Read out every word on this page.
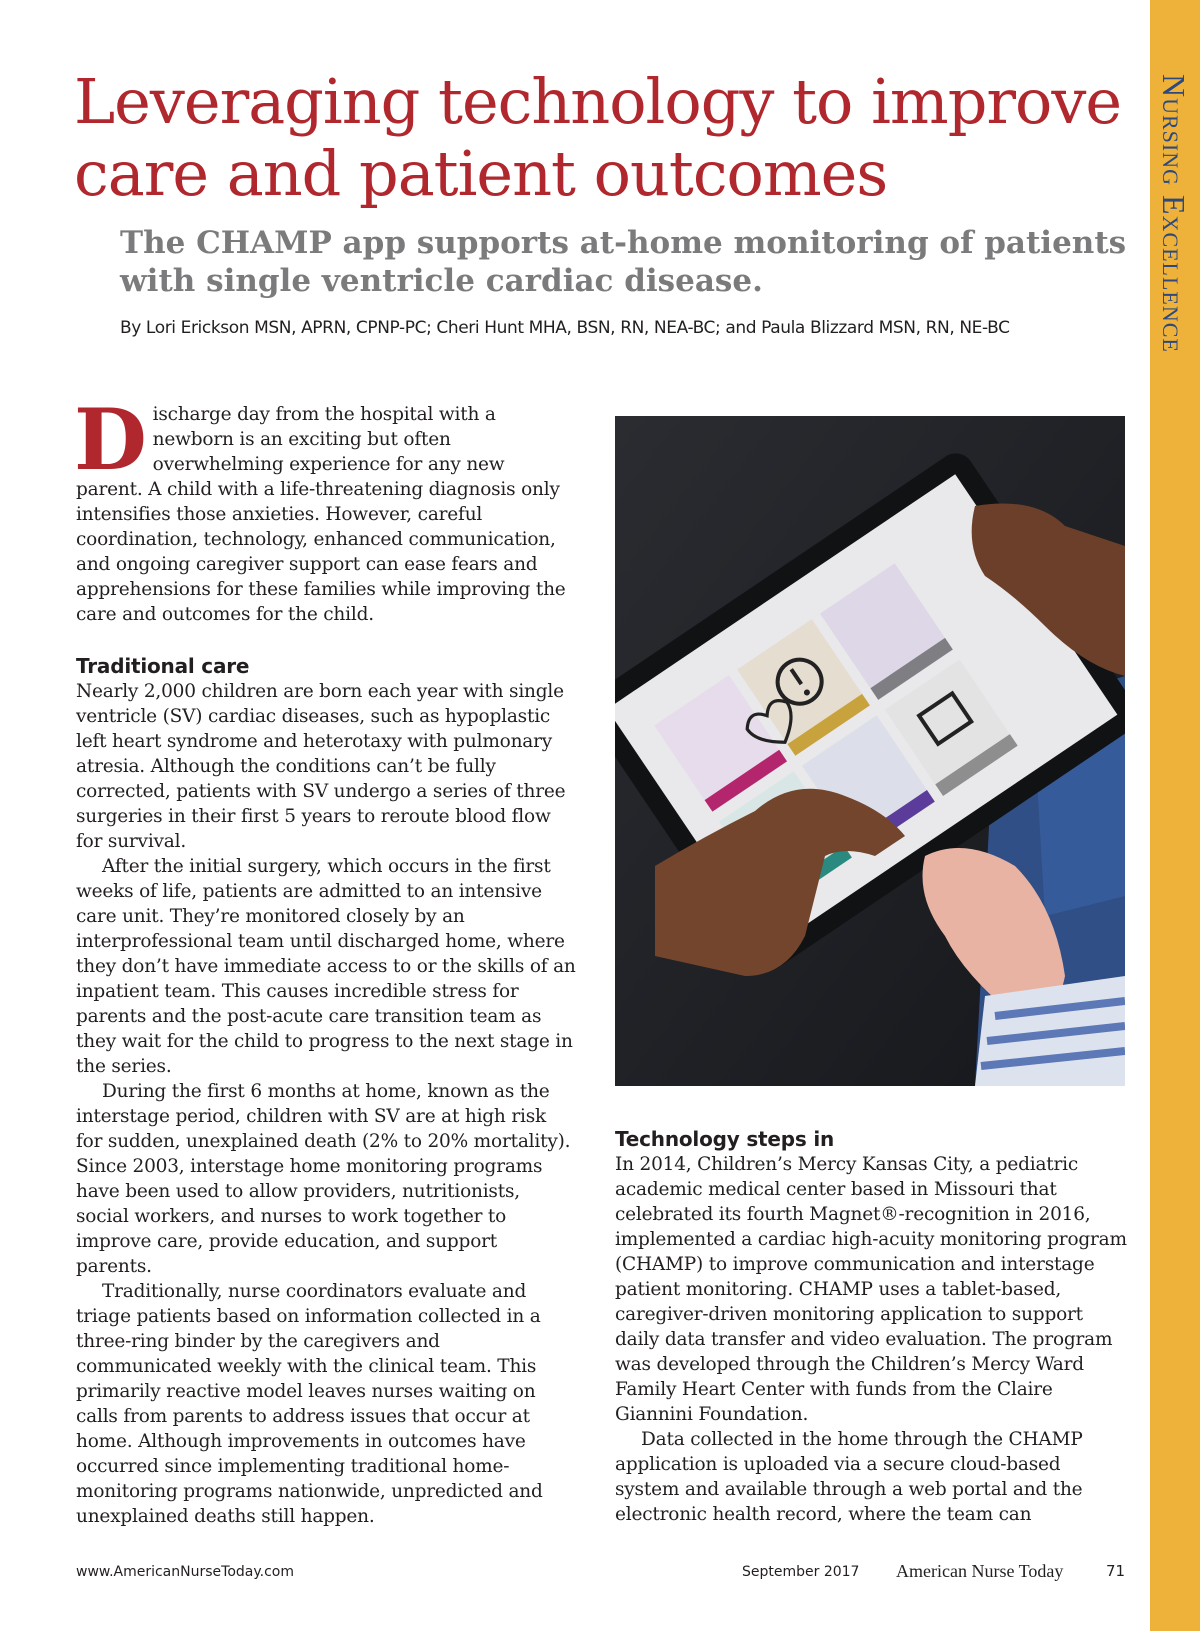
Nursing Excellence
Leveraging technology to improve care and patient outcomes
The CHAMP app supports at-home monitoring of patients with single ventricle cardiac disease.

By Lori Erickson MSN, APRN, CPNP-PC; Cheri Hunt MHA, BSN, RN, NEA-BC; and Paula Blizzard MSN, RN, NE-BC

Discharge day from the hospital with a newborn is an exciting but often overwhelming experience for any new parent. A child with a life-threatening diagnosis only intensifies those anxieties. However, careful coordination, technology, enhanced communication, and ongoing caregiver support can ease fears and apprehensions for these families while improving the care and outcomes for the child.

Traditional care

Nearly 2,000 children are born each year with single ventricle (SV) cardiac diseases, such as hypoplastic left heart syndrome and heterotaxy with pulmonary atresia. Although the conditions can’t be fully corrected, patients with SV undergo a series of three surgeries in their first 5 years to reroute blood flow for survival.

After the initial surgery, which occurs in the first weeks of life, patients are admitted to an intensive care unit. They’re monitored closely by an interprofessional team until discharged home, where they don’t have immediate access to or the skills of an inpatient team. This causes incredible stress for parents and the post-acute care transition team as they wait for the child to progress to the next stage in the series.

During the first 6 months at home, known as the interstage period, children with SV are at high risk for sudden, unexplained death (2% to 20% mortality). Since 2003, interstage home monitoring programs have been used to allow providers, nutritionists, social workers, and nurses to work together to improve care, provide education, and support parents.

Traditionally, nurse coordinators evaluate and triage patients based on information collected in a three-ring binder by the caregivers and communicated weekly with the clinical team. This primarily reactive model leaves nurses waiting on calls from parents to address issues that occur at home. Although improvements in outcomes have occurred since implementing traditional home-monitoring programs nationwide, unpredicted and unexplained deaths still happen.

Technology steps in

In 2014, Children’s Mercy Kansas City, a pediatric academic medical center based in Missouri that celebrated its fourth Magnet®-recognition in 2016, implemented a cardiac high-acuity monitoring program (CHAMP) to improve communication and interstage patient monitoring. CHAMP uses a tablet-based, caregiver-driven monitoring application to support daily data transfer and video evaluation. The program was developed through the Children’s Mercy Ward Family Heart Center with funds from the Claire Giannini Foundation.

Data collected in the home through the CHAMP application is uploaded via a secure cloud-based system and available through a web portal and the electronic health record, where the team can

www.AmericanNurseToday.com	September 2017 American Nurse Today	71
